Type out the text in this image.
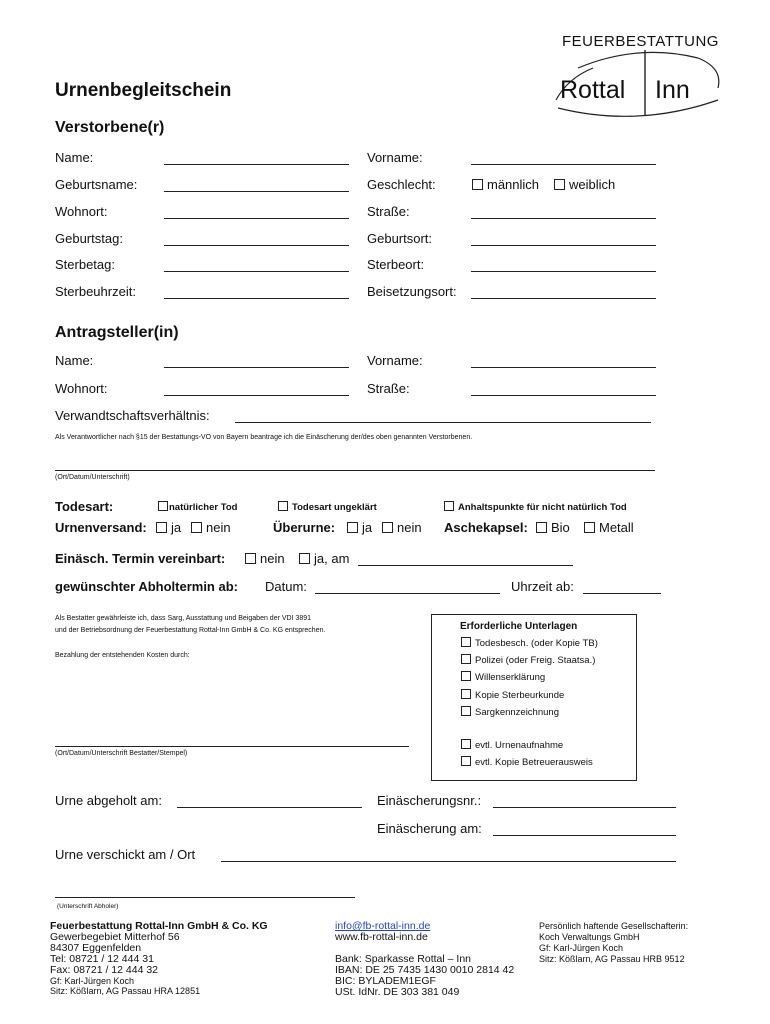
FEUERBESTATTUNG
Rottal Inn
Urnenbegleitschein
Verstorbene(r)
Name:	Vorname:
Geburtsname:	Geschlecht:	männlich	weiblich
Wohnort:	Straße:
Geburtstag:	Geburtsort:
Sterbetag:	Sterbeort:
Sterbeuhrzeit:	Beisetzungsort:
Antragsteller(in)
Name:	Vorname:
Wohnort:	Straße:
Verwandtschaftsverhältnis:
Als Verantwortlicher nach §15 der Bestattungs-VO von Bayern beantrage ich die Einäscherung der/des oben genannten Verstorbenen.
(Ort/Datum/Unterschrift)
Todesart:	natürlicher Tod	Todesart ungeklärt	Anhaltspunkte für nicht natürlich Tod
Urnenversand:	ja	nein	Überurne:	ja	nein Aschekapsel:	Bio	Metall
Einäsch. Termin vereinbart:	nein	ja, am
gewünschter Abholtermin ab: Datum:	Uhrzeit ab:
Als Bestatter gewährleiste ich, dass Sarg, Ausstattung und Beigaben der VDI 3891
und der Betriebsordnung der Feuerbestattung Rottal-Inn GmbH & Co. KG entsprechen.
Bezahlung der entstehenden Kosten durch:
(Ort/Datum/Unterschrift Bestatter/Stempel)
Erforderliche Unterlagen
Todesbesch. (oder Kopie TB)
Polizei (oder Freig. Staatsa.)
Willenserklärung
Kopie Sterbeurkunde
Sargkennzeichnung
evtl. Urnenaufnahme
evtl. Kopie Betreuerausweis
Urne abgeholt am:	Einäscherungsnr.:
Einäscherung am:
Urne verschickt am / Ort
(Unterschrift Abholer)
Feuerbestattung Rottal-Inn GmbH & Co. KG
Gewerbegebiet Mitterhof 56
84307 Eggenfelden
Tel: 08721 / 12 444 31
Fax: 08721 / 12 444 32
Gf: Karl-Jürgen Koch
Sitz: Kößlarn, AG Passau HRA 12851
info@fb-rottal-inn.de
www.fb-rottal-inn.de

Bank: Sparkasse Rottal – Inn
IBAN: DE 25 7435 1430 0010 2814 42
BIC: BYLADEM1EGF
USt. IdNr. DE 303 381 049
Persönlich haftende Gesellschafterin:
Koch Verwaltungs GmbH
Gf: Karl-Jürgen Koch
Sitz: Kößlarn, AG Passau HRB 9512
